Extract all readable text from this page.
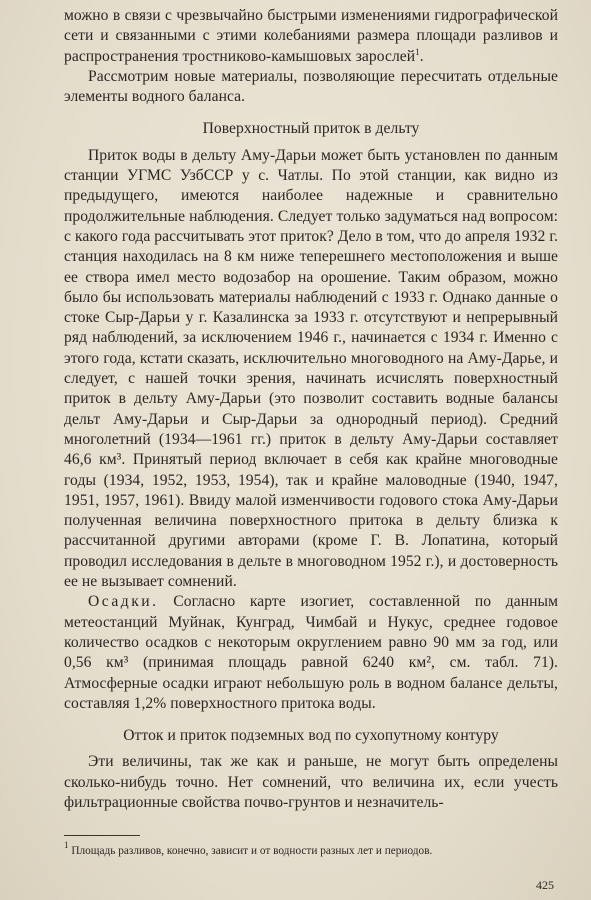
можно в связи с чрезвычайно быстрыми изменениями гидрографической сети и связанными с этими колебаниями размера площади разливов и распространения тростниково-камышовых зарослей$^1$.

Рассмотрим новые материалы, позволяющие пересчитать отдельные элементы водного баланса.

Поверхностный приток в дельту

Приток воды в дельту Аму-Дарьи может быть установлен по данным станции УГМС УзбССР у с. Чатлы. По этой станции, как видно из предыдущего, имеются наиболее надежные и сравнительно продолжительные наблюдения. Следует только задуматься над вопросом: с какого года рассчитывать этот приток? Дело в том, что до апреля 1932 г. станция находилась на 8 км ниже теперешнего местоположения и выше ее створа имел место водозабор на орошение. Таким образом, можно было бы использовать материалы наблюдений с 1933 г. Однако данные о стоке Сыр-Дарьи у г. Казалинска за 1933 г. отсутствуют и непрерывный ряд наблюдений, за исключением 1946 г., начинается с 1934 г. Именно с этого года, кстати сказать, исключительно многоводного на Аму-Дарье, и следует, с нашей точки зрения, начинать исчислять поверхностный приток в дельту Аму-Дарьи (это позволит составить водные балансы дельт Аму-Дарьи и Сыр-Дарьи за однородный период). Средний многолетний (1934—1961 гг.) приток в дельту Аму-Дарьи составляет 46,6 км³. Принятый период включает в себя как крайне многоводные годы (1934, 1952, 1953, 1954), так и крайне маловодные (1940, 1947, 1951, 1957, 1961). Ввиду малой изменчивости годового стока Аму-Дарьи полученная величина поверхностного притока в дельту близка к рассчитанной другими авторами (кроме Г. В. Лопатина, который проводил исследования в дельте в многоводном 1952 г.), и достоверность ее не вызывает сомнений.

Осадки. Согласно карте изогиет, составленной по данным метеостанций Муйнак, Кунград, Чимбай и Нукус, среднее годовое количество осадков с некоторым округлением равно 90 мм за год, или 0,56 км³ (принимая площадь равной 6240 км², см. табл. 71). Атмосферные осадки играют небольшую роль в водном балансе дельты, составляя 1,2% поверхностного притока воды.

Отток и приток подземных вод по сухопутному контуру

Эти величины, так же как и раньше, не могут быть определены сколько-нибудь точно. Нет сомнений, что величина их, если учесть фильтрационные свойства почво-грунтов и незначитель-

$^1$ Площадь разливов, конечно, зависит и от водности разных лет и периодов.
425
